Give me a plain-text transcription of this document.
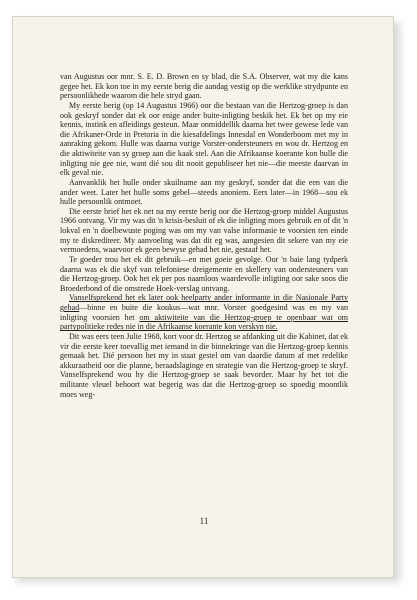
van Augustus oor mnr. S. E. D. Brown en sy blad, die S.A. Observer, wat my die kans gegee het. Ek kon toe in my eerste berig die aandag vestig op die werklike strydpunte en persoonlikhede waarom die hele stryd gaan.

My eerste berig (op 14 Augustus 1966) oor die bestaan van die Hertzog-groep is dan ook geskryf sonder dat ek oor enige ander buite-inligting beskik het. Ek het op my eie kennis, instink en afleidings gesteun. Maar onmiddellik daarna het twee gewese lede van die Afrikaner-Orde in Pretoria in die kiesafdelings Innesdal en Wonderboom met my in aanraking gekom. Hulle was daarna vurige Vorster-ondersteuners en wou dr. Hertzog en die aktiwiteite van sy groep aan die kaak stel. Aan die Afrikaanse koerante kon hulle die inligting nie gee nie, want dié sou dit nooit gepubliseer het nie—die meeste daarvan in elk geval nie.

Aanvanklik het hulle onder skuilname aan my geskryf, sonder dat die een van die ander weet. Later het hulle soms gebel—steeds anoniem. Eers later—in 1968—sou ek hulle persoonlik ontmoet.

Die eerste brief het ek net na my eerste berig oor die Hertzog-groep middel Augustus 1966 ontvang. Vir my was dit 'n krisis-besluit of ek die inligting moes gebruik en of dit 'n lokval en 'n doelbewuste poging was om my van valse informasie te voorsien ten einde my te diskrediteer. My aanvoeling was dat dit eg was, aangesien dit sekere van my eie vermoedens, waarvoor ek geen bewyse gehad het nie, gestaaf het.

Te goeder trou het ek dit gebruik—en met goeie gevolge. Oor 'n baie lang tydperk daarna was ek die skyf van telefoniese dreigemente en skellery van ondersteuners van die Hertzog-groep. Ook het ek per pos naamloos waardevolle inligting oor sake soos die Broederbond of die omstrede Hoek-verslag ontvang.

Vanselfsprekend het ek later ook heelparty ander informante in die Nasionale Party gehad—binne en buite die koukus—wat mnr. Vorster goedgesind was en my van inligting voorsien het om aktiwiteite van die Hertzog-groep te openbaar wat om partypolitieke redes nie in die Afrikaanse koerante kon verskyn nie.

Dit was eers teen Julie 1968, kort voor dr. Hertzog se afdanking uit die Kabinet, dat ek vir die eerste keer toevallig met iemand in die binnekringe van die Hertzog-groep kennis gemaak het. Dié persoon het my in staat gestel om van daardie datum af met redelike akkuraatheid oor die planne, beraadslaginge en strategie van die Hertzog-groep te skryf. Vanselfsprekend wou hy die Hertzog-groep se saak bevorder. Maar hy het tot die militante vleuel behoort wat begerig was dat die Hertzog-groep so spoedig moontlik moes weg-

11
